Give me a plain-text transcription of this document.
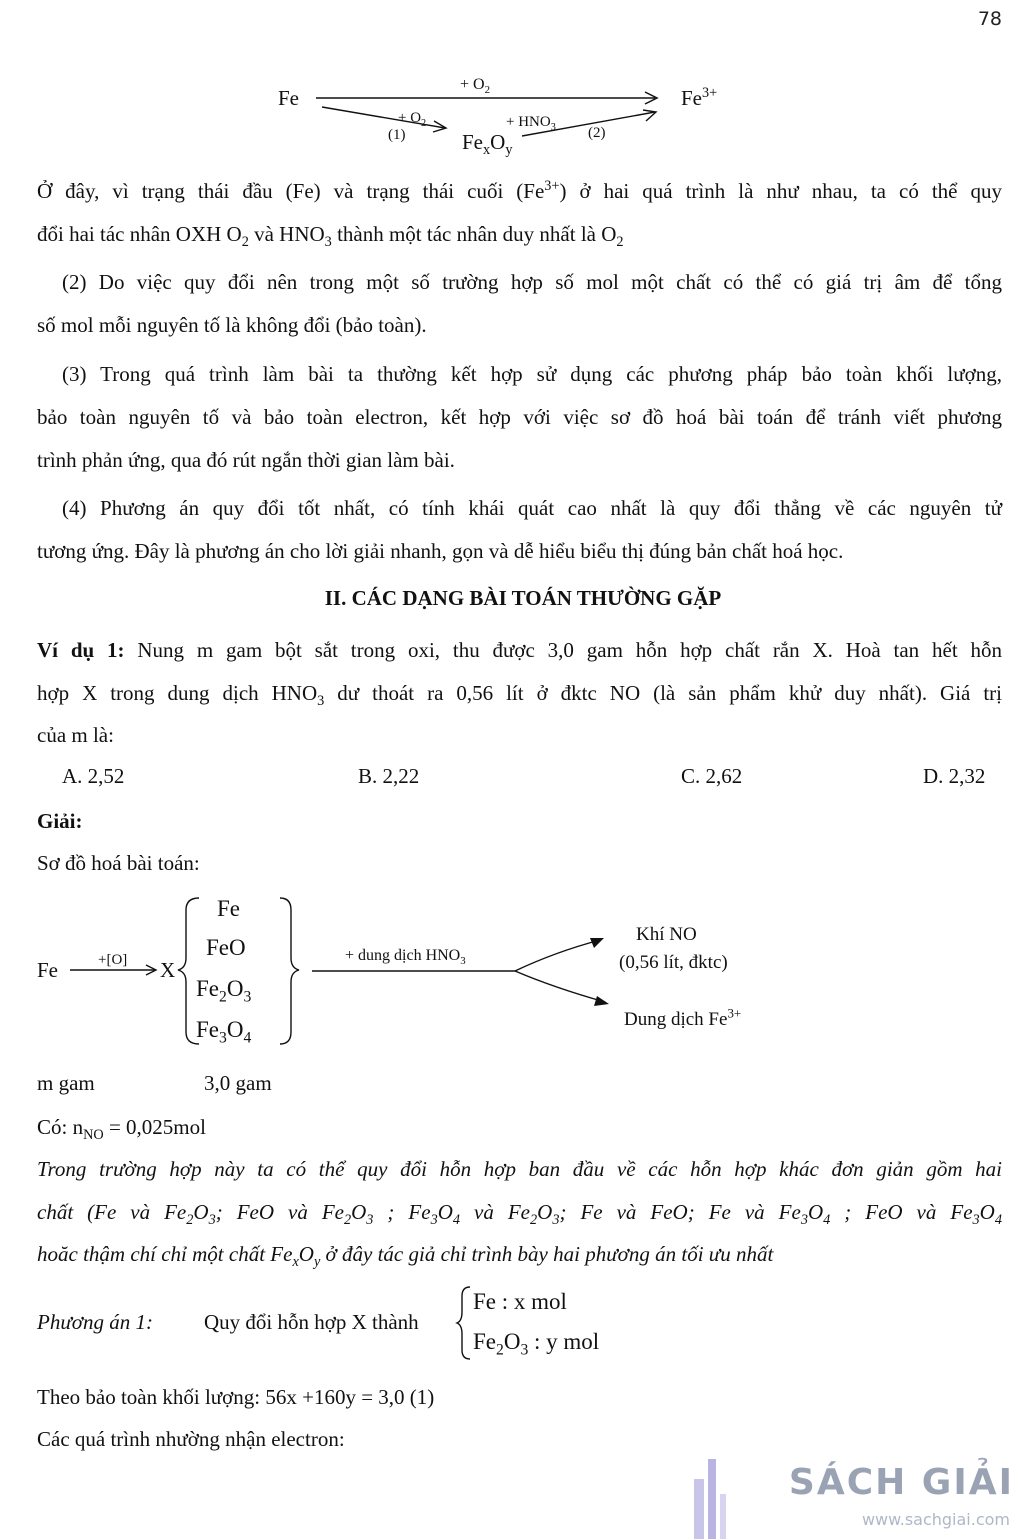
78
Fe
+ $O_2$	$Fe^{3+}$
+ $O_2$
(1)
+ $HNO_3$ (2)
$Fe_xO_y$
Ở đây, vì trạng thái đầu (Fe) và trạng thái cuối $(Fe^{3+})$ ở hai quá trình là như nhau, ta có thể quy
đổi hai tác nhân OXH $O_2$ và $HNO_3$ thành một tác nhân duy nhất là $O_2$
(2) Do việc quy đổi nên trong một số trường hợp số mol một chất có thể có giá trị âm để tổng
số mol mỗi nguyên tố là không đổi (bảo toàn).
(3) Trong quá trình làm bài ta thường kết hợp sử dụng các phương pháp bảo toàn khối lượng,
bảo toàn nguyên tố và bảo toàn electron, kết hợp với việc sơ đồ hoá bài toán để tránh viết phương
trình phản ứng, qua đó rút ngắn thời gian làm bài.
(4) Phương án quy đổi tốt nhất, có tính khái quát cao nhất là quy đổi thẳng về các nguyên tử
tương ứng. Đây là phương án cho lời giải nhanh, gọn và dễ hiểu biểu thị đúng bản chất hoá học.
II. CÁC DẠNG BÀI TOÁN THƯỜNG GẶP
Ví dụ 1: Nung m gam bột sắt trong oxi, thu được 3,0 gam hỗn hợp chất rắn X. Hoà tan hết hỗn
hợp X trong dung dịch $HNO_3$ dư thoát ra 0,56 lít ở đktc NO (là sản phẩm khử duy nhất). Giá trị
của m là:
A. 2,52	B. 2,22	C. 2,62	D. 2,32
Giải:
Sơ đồ hoá bài toán:
Fe	+[O] X
Fe
FeO
$Fe_2O_3$
$Fe_3O_4$
+ dung dịch $HNO_3$
Khí NO
(0,56 lít, đktc)
Dung dịch $Fe^{3+}$
m gam	3,0 gam
Có: $n_{NO} = 0,025mol$
Trong trường hợp này ta có thể quy đổi hỗn hợp ban đầu về các hỗn hợp khác đơn giản gồm hai
chất (Fe và $Fe_2O_3$; FeO và $Fe_2O_3$ ; $Fe_3O_4$ và $Fe_2O_3$; Fe và FeO; Fe và $Fe_3O_4$ ; FeO và $Fe_3O_4$
hoăc thậm chí chỉ một chất $Fe_xO_y$ ở đây tác giả chỉ trình bày hai phương án tối ưu nhất
Phương án 1: Quy đổi hỗn hợp X thành
Fe : x mol
$Fe_2O_3$ : y mol
Theo bảo toàn khối lượng: 56x +160y = 3,0 (1)
Các quá trình nhường nhận electron:
SÁCH GIẢI
www.sachgiai.com
